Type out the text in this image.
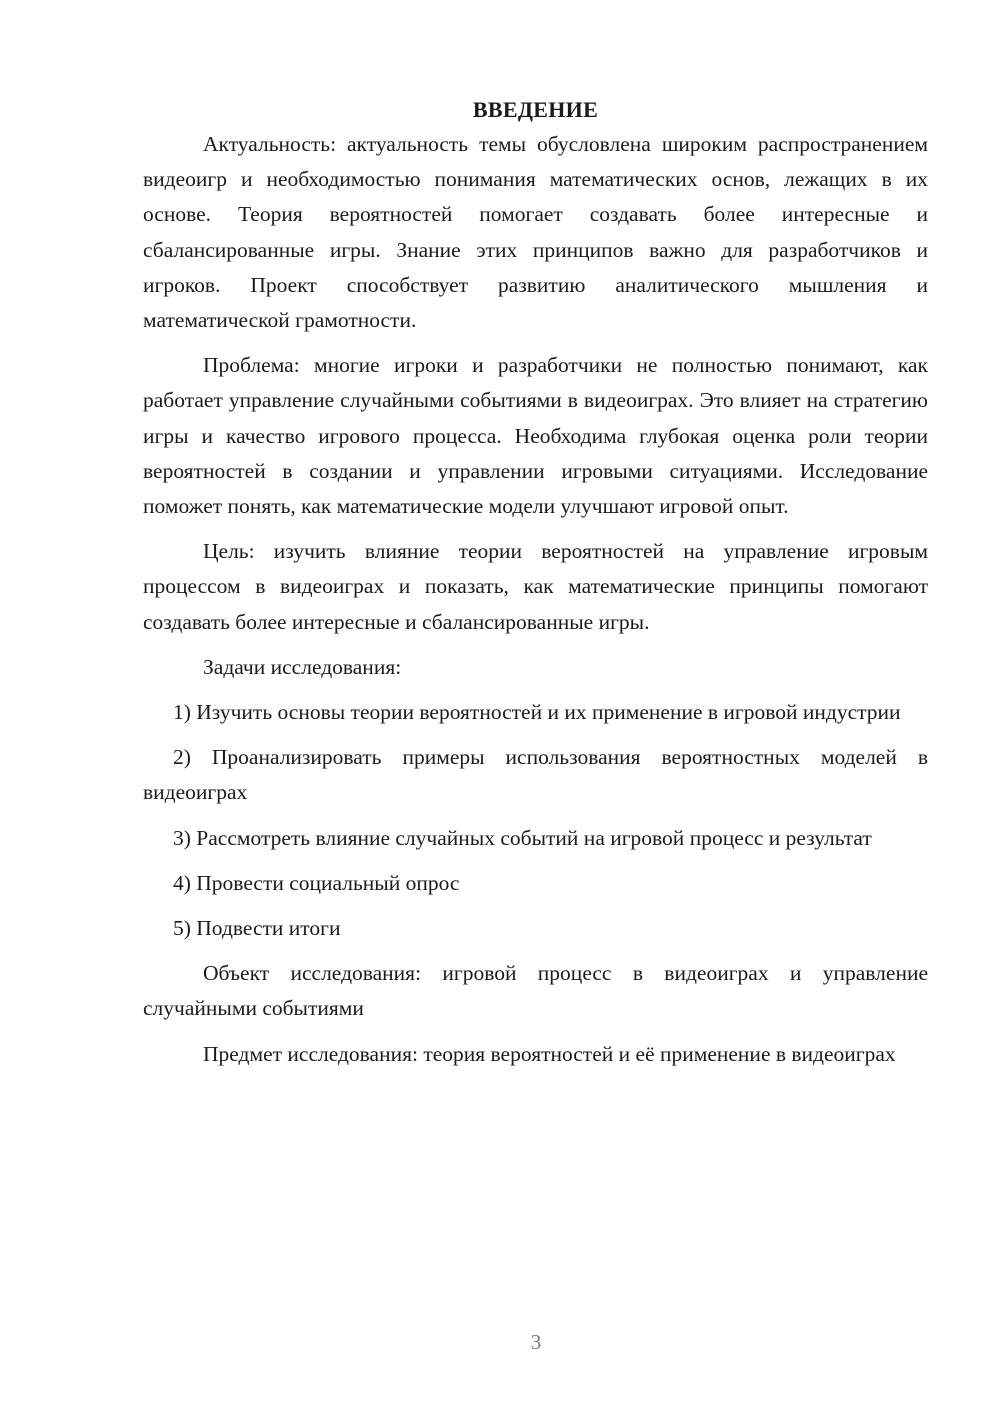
ВВЕДЕНИЕ

Актуальность: актуальность темы обусловлена широким распространением видеоигр и необходимостью понимания математических основ, лежащих в их основе. Теория вероятностей помогает создавать более интересные и сбалансированные игры. Знание этих принципов важно для разработчиков и игроков. Проект способствует развитию аналитического мышления и математической грамотности.

Проблема: многие игроки и разработчики не полностью понимают, как работает управление случайными событиями в видеоиграх. Это влияет на стратегию игры и качество игрового процесса. Необходима глубокая оценка роли теории вероятностей в создании и управлении игровыми ситуациями. Исследование поможет понять, как математические модели улучшают игровой опыт.

Цель: изучить влияние теории вероятностей на управление игровым процессом в видеоиграх и показать, как математические принципы помогают создавать более интересные и сбалансированные игры.

Задачи исследования:

1) Изучить основы теории вероятностей и их применение в игровой индустрии

2) Проанализировать примеры использования вероятностных моделей в видеоиграх

3) Рассмотреть влияние случайных событий на игровой процесс и результат

4) Провести социальный опрос

5) Подвести итоги

Объект исследования: игровой процесс в видеоиграх и управление случайными событиями

Предмет исследования: теория вероятностей и её применение в видеоиграх

3
